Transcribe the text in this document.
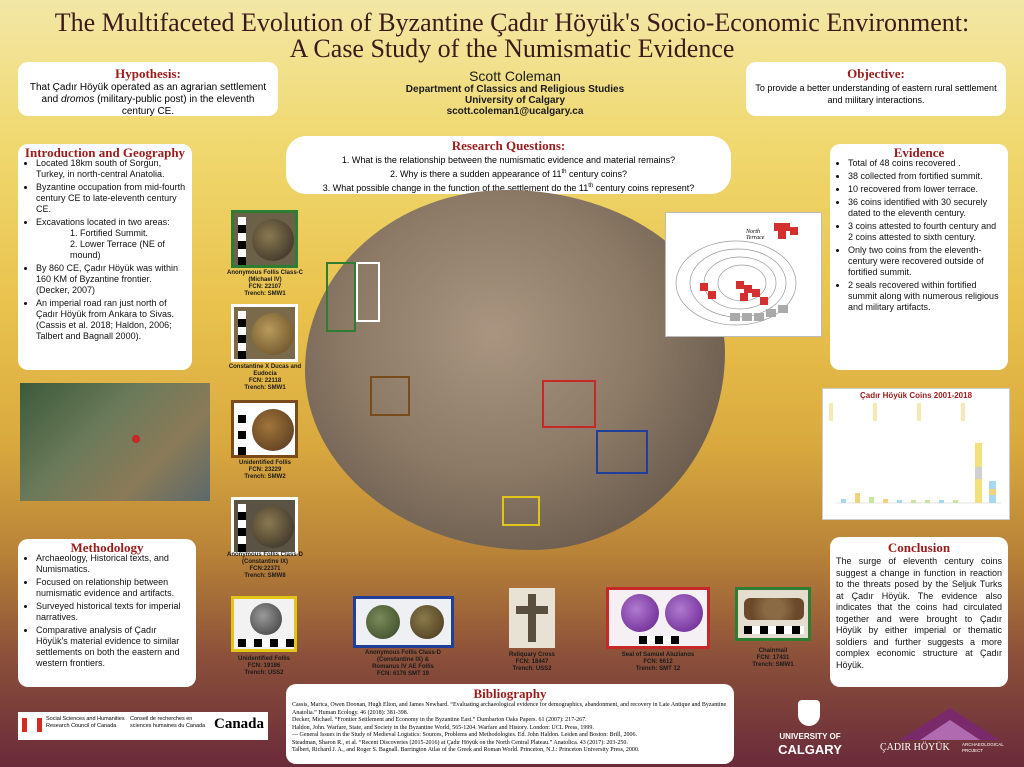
The Multifaceted Evolution of Byzantine Çadır Höyük's Socio-Economic Environment:
A Case Study of the Numismatic Evidence
Hypothesis:
That Çadır Höyük operated as an agrarian settlement and dromos (military-public post) in the eleventh century CE.
Scott Coleman
Department of Classics and Religious Studies
University of Calgary
scott.coleman1@ucalgary.ca
Objective:
To provide a better understanding of eastern rural settlement and military interactions.
Research Questions:
1. What is the relationship between the numismatic evidence and material remains?
2. Why is there a sudden appearance of 11th century coins?
3. What possible change in the function of the settlement do the 11th century coins represent?
Introduction and Geography
• Located 18km south of Sorgun, Turkey, in north-central Anatolia.
• Byzantine occupation from mid-fourth century CE to late-eleventh century CE.
• Excavations located in two areas:
1. Fortified Summit.
2. Lower Terrace (NE of mound)
• By 860 CE, Çadır Höyük was within 160 KM of Byzantine frontier. (Decker, 2007)
• An imperial road ran just north of Çadır Höyük from Ankara to Sivas. (Cassis et al. 2018; Haldon, 2006; Talbert and Bagnall 2000).
Methodology
• Archaeology, Historical texts, and Numismatics.
• Focused on relationship between numismatic evidence and artifacts.
• Surveyed historical texts for imperial narratives.
• Comparative analysis of Çadır Höyük's material evidence to similar settlements on both the eastern and western frontiers.
Anonymous Follis Class-C
(Michael IV)
FCN: 22107
Trench: SMW1
Constantine X Ducas and
Eudocia
FCN: 22118
Trench: SMW1
Unidentified Follis
FCN: 23229
Trench: SMW2
Anonymous Follis Class-D
(Constantine IX)
FCN:22371
Trench: SMW8
North Terrace
Evidence
• Total of 48 coins recovered .
• 38 collected from fortified summit.
• 10 recovered from lower terrace.
• 36 coins identified with 30 securely dated to the eleventh century.
• 3 coins attested to fourth century and 2 coins attested to sixth century.
• Only two coins from the eleventh-century were recovered outside of fortified summit.
• 2 seals recovered within fortified summit along with numerous religious and military artifacts.
Çadır Höyük Coins 2001-2018
Conclusion
The surge of eleventh century coins suggest a change in function in reaction to the threats posed by the Seljuk Turks at Çadır Höyük. The evidence also indicates that the coins had circulated together and were brought to Çadır Höyük by either imperial or thematic soldiers and further suggests a more complex economic structure at Çadır Höyük.
Unidentified Follis
FCN: 19186
Trench: USS2
Anonymous Follis Class-D
(Constantine IX) &
Romanus IV AE Follis
FCN: 6176 SMT 19
Reliquary Cross
FCN: 18447
Trench: USS2
Seal of Samuel Aluzianos
FCN: 6612
Trench: SMT 12
Chainmail
FCN: 17431
Trench: SMW1
Bibliography

Cassis, Marica, Owen Doonan, Hugh Elton, and James Newhard. “Evaluating archaeological evidence for demographics, abandonment, and recovery in Late Antique and Byzantine Anatolia.” Human Ecology. 46 (2018): 381-398.

Decker, Michael. “Frontier Settlement and Economy in the Byzantine East.” Dumbarton Oaks Papers. 61 (2007): 217-267.

Haldon, John. Warfare, State, and Society in the Byzantine World, 565-1204. Warfare and History. London: UCL Press, 1999.

— General Issues in the Study of Medieval Logistics: Sources, Problems and Methodologies. Ed. John Haldon. Leiden and Boston: Brill, 2006.

Steadman, Sharon R., et al. “Recent Discoveries (2015-2016) at Çadır Höyük on the North Central Plateau.” Anatolica. 43 (2017): 203-250.

Talbert, Richard J. A., and Roger S. Bagnall. Barrington Atlas of the Greek and Roman World. Princeton, N.J.: Princeton University Press, 2000.

Social Sciences and Humanities Research Council of Canada
Conseil de recherches en sciences humaines du Canada Canada
UNIVERSITY OF
CALGARY	ÇADIR HÖYÜK	ARCHAEOLOGICAL PROJECT
